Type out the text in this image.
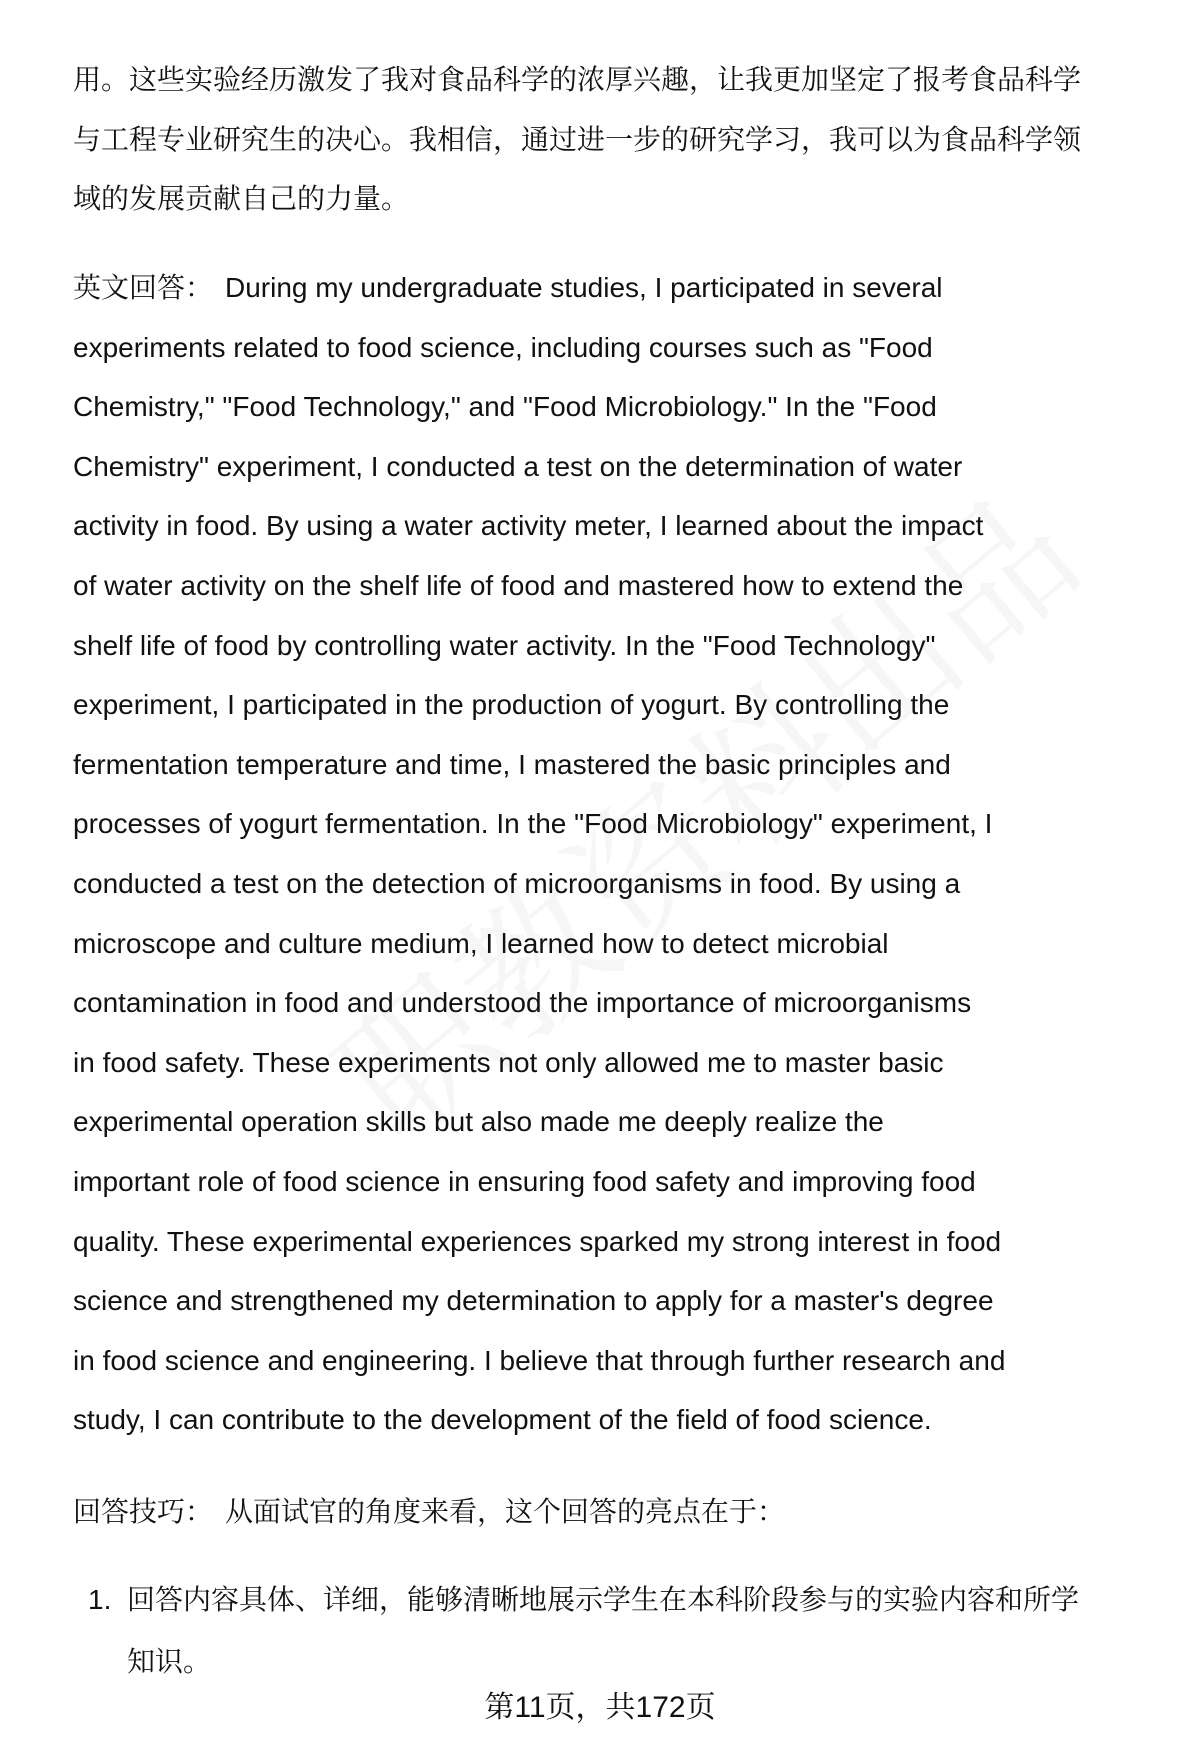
用。这些实验经历激发了我对食品科学的浓厚兴趣，让我更加坚定了报考食品科学
与工程专业研究生的决心。我相信，通过进一步的研究学习，我可以为食品科学领
域的发展贡献自己的力量。
英文回答： During my undergraduate studies, I participated in several
experiments related to food science, including courses such as "Food
Chemistry," "Food Technology," and "Food Microbiology." In the "Food
Chemistry" experiment, I conducted a test on the determination of water
activity in food. By using a water activity meter, I learned about the impact
of water activity on the shelf life of food and mastered how to extend the
shelf life of food by controlling water activity. In the "Food Technology"
experiment, I participated in the production of yogurt. By controlling the
fermentation temperature and time, I mastered the basic principles and
processes of yogurt fermentation. In the "Food Microbiology" experiment, I
conducted a test on the detection of microorganisms in food. By using a
microscope and culture medium, I learned how to detect microbial
contamination in food and understood the importance of microorganisms
in food safety. These experiments not only allowed me to master basic
experimental operation skills but also made me deeply realize the
important role of food science in ensuring food safety and improving food
quality. These experimental experiences sparked my strong interest in food
science and strengthened my determination to apply for a master's degree
in food science and engineering. I believe that through further research and
study, I can contribute to the development of the field of food science.
回答技巧： 从面试官的角度来看，这个回答的亮点在于：
1. 回答内容具体、详细，能够清晰地展示学生在本科阶段参与的实验内容和所学
知识。
第11页，共172页
